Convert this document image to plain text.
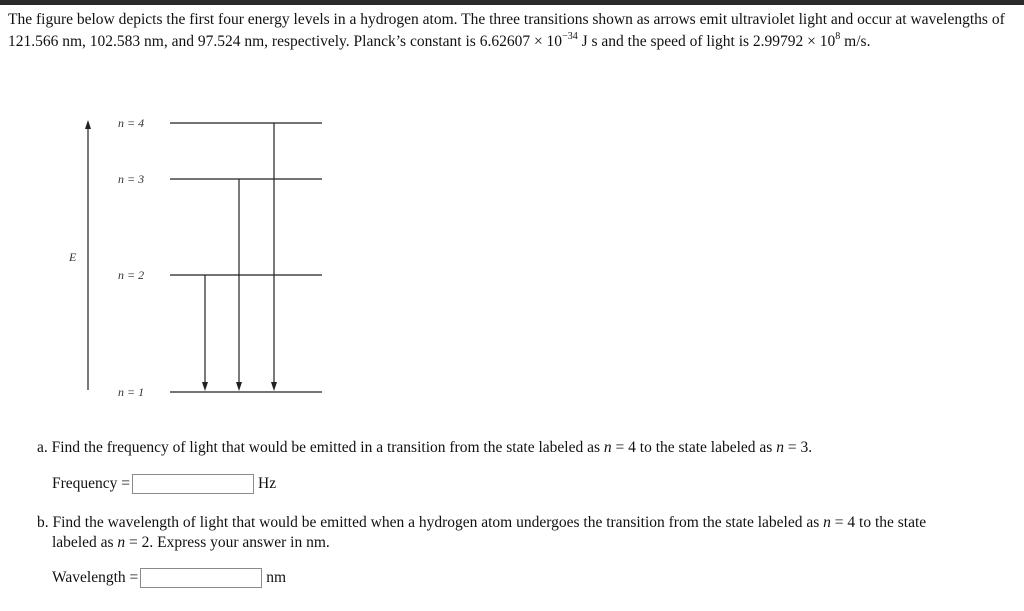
The figure below depicts the first four energy levels in a hydrogen atom. The three transitions shown as arrows emit ultraviolet light and occur at wavelengths of 121.566 nm, 102.583 nm, and 97.524 nm, respectively. Planck’s constant is $6.62607 \times 10^{-34}$ J s and the speed of light is $2.99792 \times 10^8$ m/s.
E
n = 4
n = 3
n = 2
n = 1
a. Find the frequency of light that would be emitted in a transition from the state labeled as n = 4 to the state labeled as n = 3.
Frequency =	Hz
b. Find the wavelength of light that would be emitted when a hydrogen atom undergoes the transition from the state labeled as n = 4 to the state
labeled as n = 2. Express your answer in nm.
Wavelength =	nm
